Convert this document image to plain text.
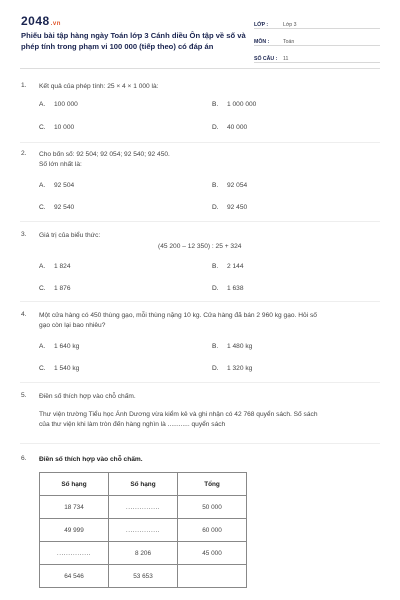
2048.vn
Phiếu bài tập hàng ngày Toán lớp 3 Cánh diều Ôn tập về số và phép tính trong phạm vi 100 000 (tiếp theo) có đáp án
LỚP :	Lớp 3
MÔN :	Toán
SỐ CÂU :	11
1. Kết quả của phép tính: 25 × 4 × 1 000 là:
A. 100 000	B. 1 000 000
C. 10 000	D. 40 000
2. Cho bốn số: 92 504; 92 054; 92 540; 92 450.
Số lớn nhất là:
A. 92 504	B. 92 054
C. 92 540	D. 92 450
3. Giá trị của biểu thức:
(45 200 – 12 350) : 25 + 324
A. 1 824	B. 2 144
C. 1 876	D. 1 638
4. Một cửa hàng có 450 thùng gạo, mỗi thùng nặng 10 kg. Cửa hàng đã bán 2 960 kg gạo. Hỏi số
gạo còn lại bao nhiêu?
A. 1 640 kg	B. 1 480 kg
C. 1 540 kg	D. 1 320 kg
5. Điền số thích hợp vào chỗ chấm.
Thư viện trường Tiểu học Ánh Dương vừa kiểm kê và ghi nhận có 42 768 quyển sách. Số sách
của thư viện khi làm tròn đến hàng nghìn là ............ quyển sách
6. Điền số thích hợp vào chỗ chấm.
Số hạng	Số hạng	Tổng
18 734	...............	50 000
49 999	...............	60 000
...............	8 206	45 000
64 546	53 653	
